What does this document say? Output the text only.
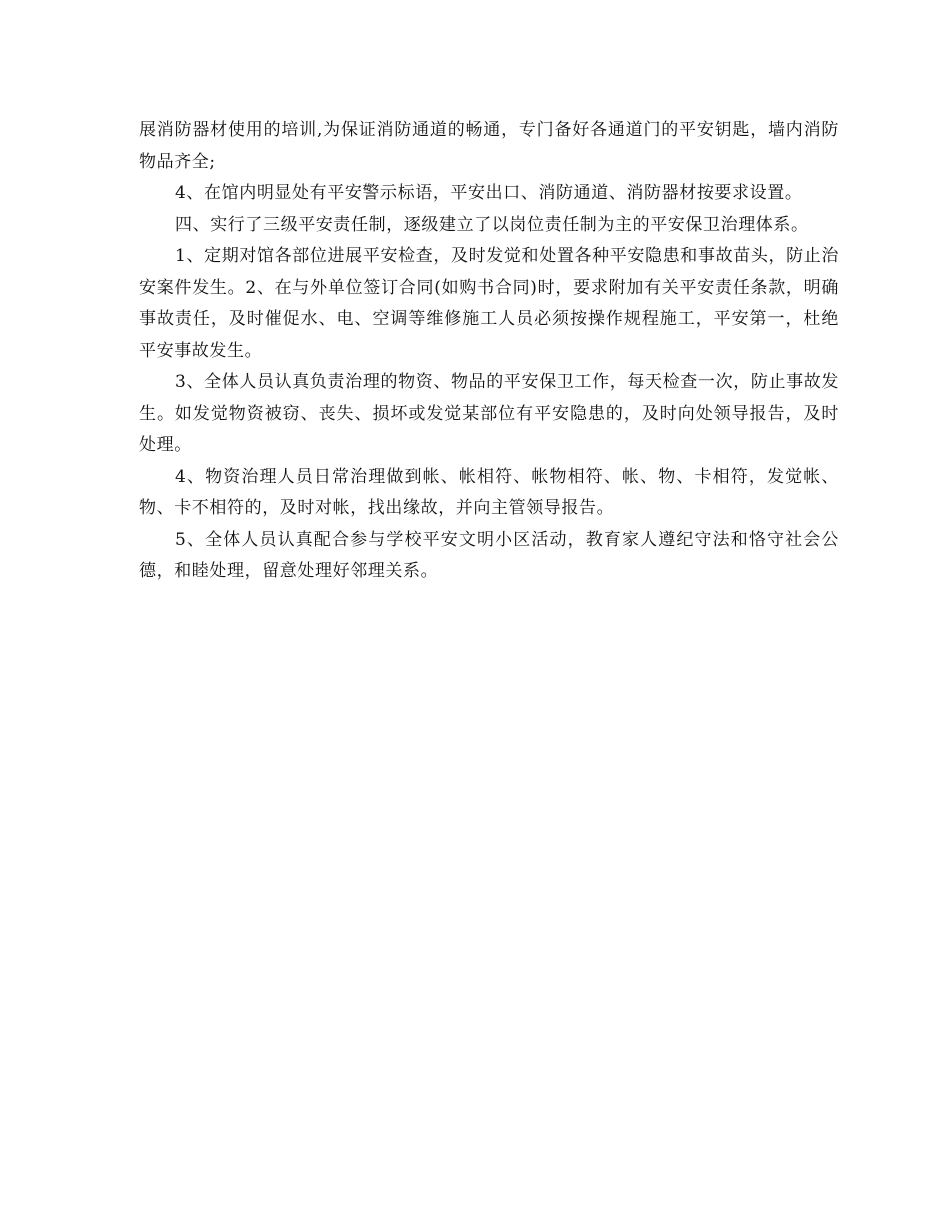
展消防器材使用的培训,为保证消防通道的畅通，专门备好各通道门的平安钥匙，墙内消防物品齐全;

4、在馆内明显处有平安警示标语，平安出口、消防通道、消防器材按要求设置。

四、实行了三级平安责任制，逐级建立了以岗位责任制为主的平安保卫治理体系。

1、定期对馆各部位进展平安检查，及时发觉和处置各种平安隐患和事故苗头，防止治安案件发生。2、在与外单位签订合同(如购书合同)时，要求附加有关平安责任条款，明确事故责任，及时催促水、电、空调等维修施工人员必须按操作规程施工，平安第一，杜绝平安事故发生。

3、全体人员认真负责治理的物资、物品的平安保卫工作，每天检查一次，防止事故发生。如发觉物资被窃、丧失、损坏或发觉某部位有平安隐患的，及时向处领导报告，及时处理。

4、物资治理人员日常治理做到帐、帐相符、帐物相符、帐、物、卡相符，发觉帐、物、卡不相符的，及时对帐，找出缘故，并向主管领导报告。

5、全体人员认真配合参与学校平安文明小区活动，教育家人遵纪守法和恪守社会公德，和睦处理，留意处理好邻理关系。
